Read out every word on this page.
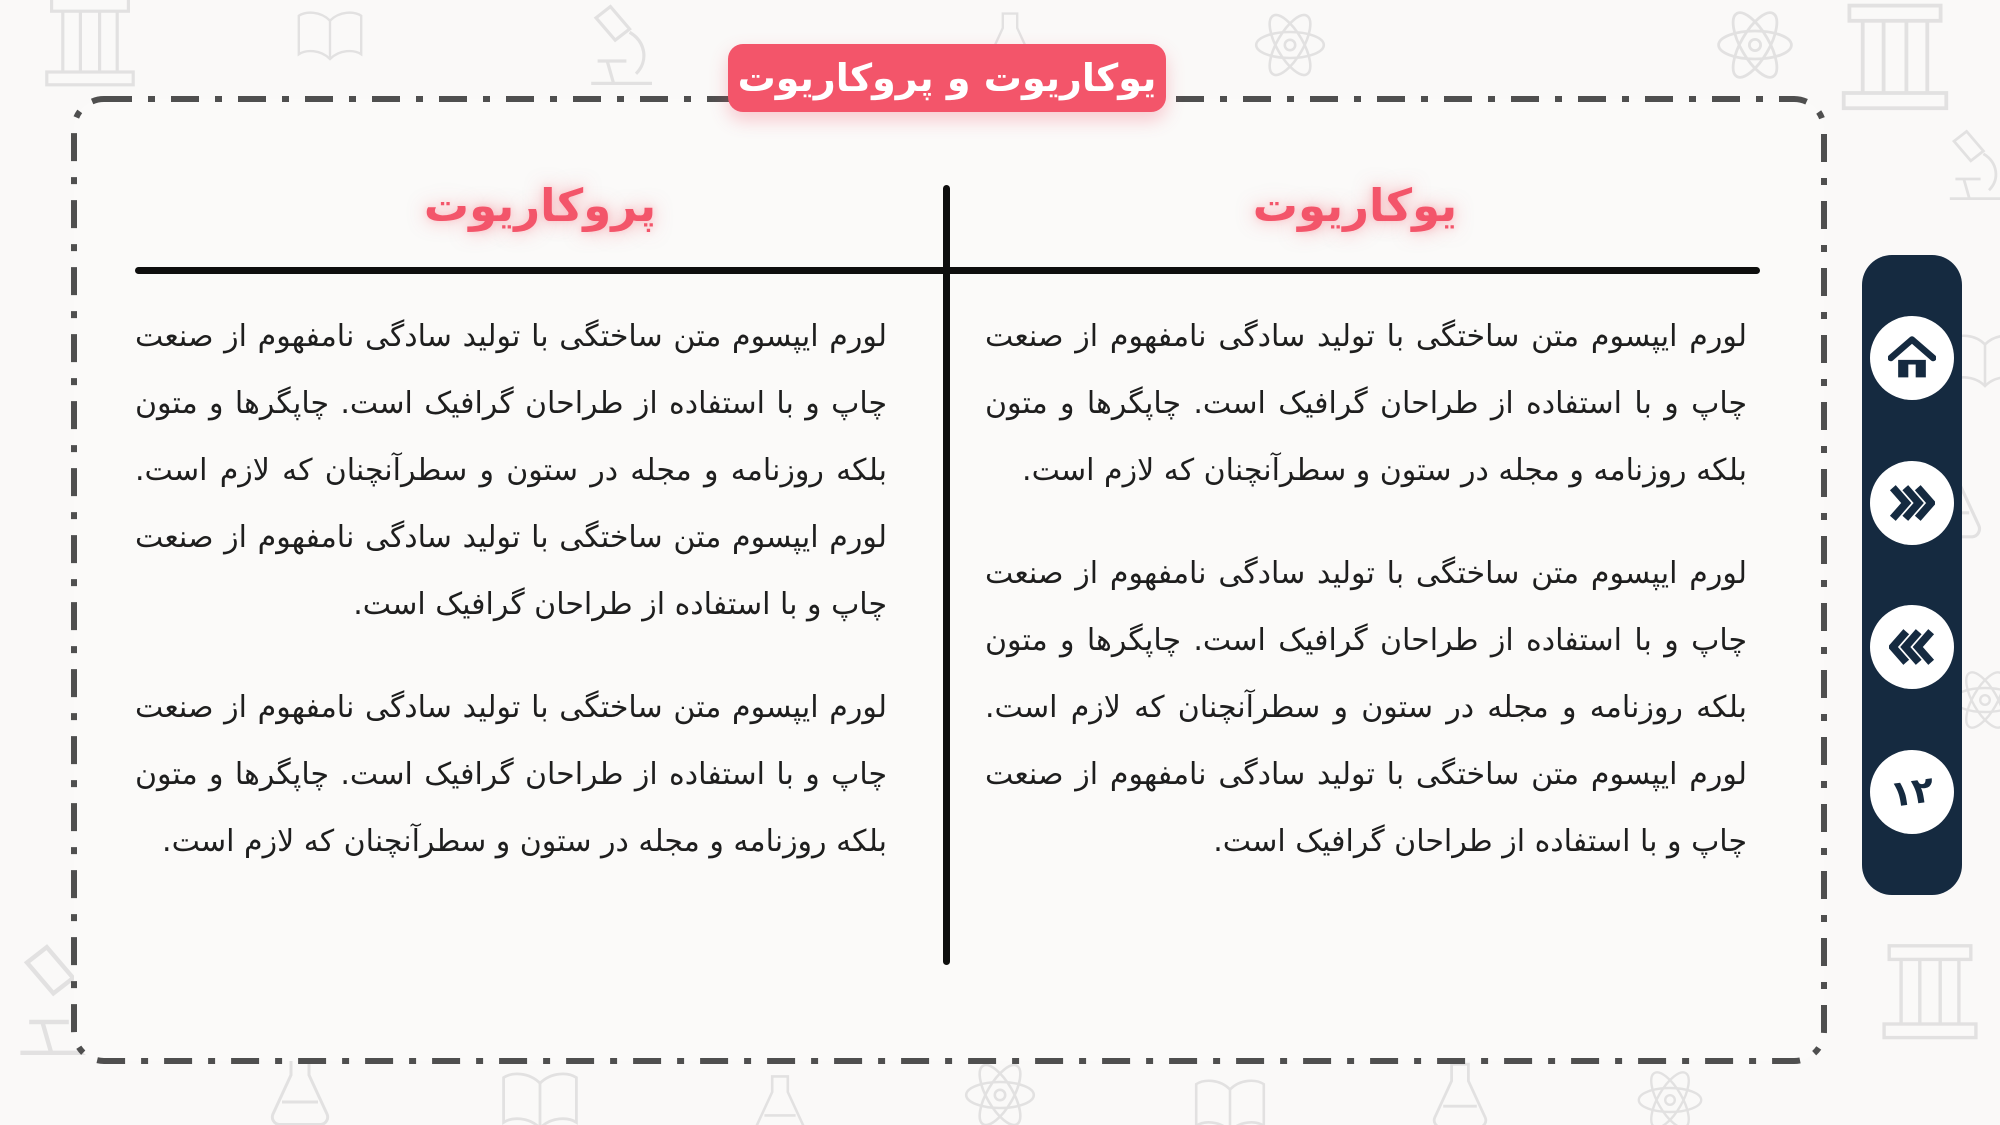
یوکاریوت
پروکاریوت

لورم ایپسوم متن ساختگی با تولید سادگی نامفهوم از صنعت چاپ و با استفاده از طراحان گرافیک است. چاپگرها و متون بلکه روزنامه و مجله در ستون و سطرآنچنان که لازم است.

لورم ایپسوم متن ساختگی با تولید سادگی نامفهوم از صنعت چاپ و با استفاده از طراحان گرافیک است. چاپگرها و متون بلکه روزنامه و مجله در ستون و سطرآنچنان که لازم است. لورم ایپسوم متن ساختگی با تولید سادگی نامفهوم از صنعت چاپ و با استفاده از طراحان گرافیک است.

لورم ایپسوم متن ساختگی با تولید سادگی نامفهوم از صنعت چاپ و با استفاده از طراحان گرافیک است. چاپگرها و متون بلکه روزنامه و مجله در ستون و سطرآنچنان که لازم است. لورم ایپسوم متن ساختگی با تولید سادگی نامفهوم از صنعت چاپ و با استفاده از طراحان گرافیک است.

لورم ایپسوم متن ساختگی با تولید سادگی نامفهوم از صنعت چاپ و با استفاده از طراحان گرافیک است. چاپگرها و متون بلکه روزنامه و مجله در ستون و سطرآنچنان که لازم است.

یوکاریوت و پروکاریوت
۱۲
